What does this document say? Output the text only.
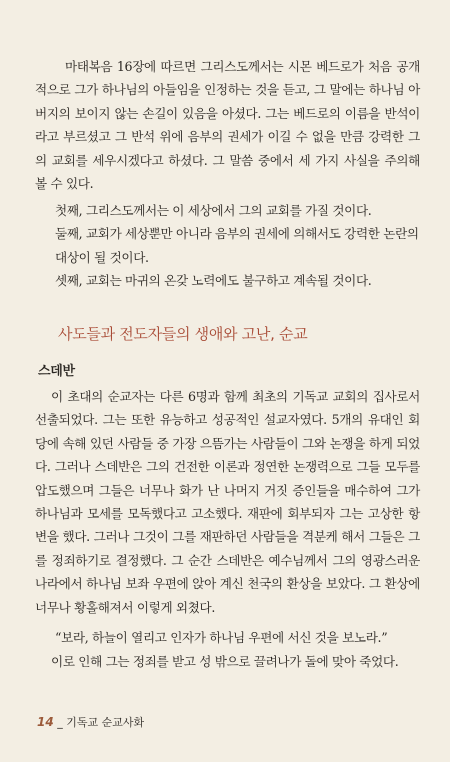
마태복음 16장에 따르면 그리스도께서는 시몬 베드로가 처음 공개적으로 그가 하나님의 아들임을 인정하는 것을 듣고, 그 말에는 하나님 아버지의 보이지 않는 손길이 있음을 아셨다. 그는 베드로의 이름을 반석이라고 부르셨고 그 반석 위에 음부의 권세가 이길 수 없을 만큼 강력한 그의 교회를 세우시겠다고 하셨다. 그 말씀 중에서 세 가지 사실을 주의해 볼 수 있다.

첫째, 그리스도께서는 이 세상에서 그의 교회를 가질 것이다.
둘째, 교회가 세상뿐만 아니라 음부의 권세에 의해서도 강력한 논란의 대상이 될 것이다.
셋째, 교회는 마귀의 온갖 노력에도 불구하고 계속될 것이다.
사도들과 전도자들의 생애와 고난, 순교
스데반

이 초대의 순교자는 다른 6명과 함께 최초의 기독교 교회의 집사로서 선출되었다. 그는 또한 유능하고 성공적인 설교자였다. 5개의 유대인 회당에 속해 있던 사람들 중 가장 으뜸가는 사람들이 그와 논쟁을 하게 되었다. 그러나 스데반은 그의 건전한 이론과 정연한 논쟁력으로 그들 모두를 압도했으며 그들은 너무나 화가 난 나머지 거짓 증인들을 매수하여 그가 하나님과 모세를 모독했다고 고소했다. 재판에 회부되자 그는 고상한 항변을 했다. 그러나 그것이 그를 재판하던 사람들을 격분케 해서 그들은 그를 정죄하기로 결정했다. 그 순간 스데반은 예수님께서 그의 영광스러운 나라에서 하나님 보좌 우편에 앉아 계신 천국의 환상을 보았다. 그 환상에 너무나 황홀해져서 이렇게 외쳤다.

“보라, 하늘이 열리고 인자가 하나님 우편에 서신 것을 보노라.”
이로 인해 그는 정죄를 받고 성 밖으로 끌려나가 돌에 맞아 죽었다.
14 _ 기독교 순교사화
